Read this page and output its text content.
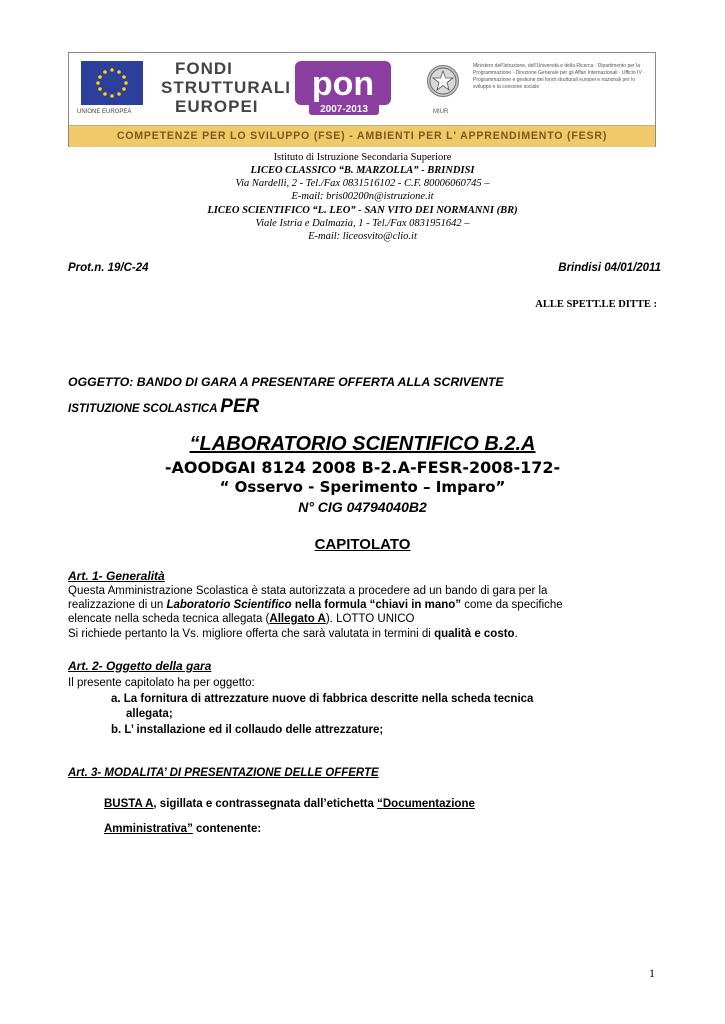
UNIONE EUROPEA
FONDI
STRUTTURALI
EUROPEI
pon
2007-2013	MIUR
Ministero dell'Istruzione, dell'Università e della Ricerca · Dipartimento per la Programmazione · Direzione Generale per gli Affari Internazionali · Ufficio IV · Programmazione e gestione dei fondi strutturali europei e nazionali per lo sviluppo e la coesione sociale
COMPETENZE PER LO SVILUPPO (FSE) - AMBIENTI PER L' APPRENDIMENTO (FESR)
Istituto di Istruzione Secondaria Superiore
LICEO CLASSICO “B. MARZOLLA” - BRINDISI
Via Nardelli, 2 - Tel./Fax 0831516102 - C.F. 80006060745 –
E-mail: bris00200n@istruzione.it
LICEO SCIENTIFICO “L. LEO” - SAN VITO DEI NORMANNI (BR)
Viale Istria e Dalmazia, 1 - Tel./Fax 0831951642 –
E-mail: liceosvito@clio.it
Prot.n. 19/C-24	Brindisi 04/01/2011
ALLE SPETT.LE DITTE :
OGGETTO: BANDO DI GARA A PRESENTARE OFFERTA ALLA SCRIVENTE
ISTITUZIONE SCOLASTICA PER
“LABORATORIO SCIENTIFICO B.2.A
-AOODGAI 8124 2008 B-2.A-FESR-2008-172-
“ Osservo - Sperimento – Imparo”
N° CIG 04794040B2
CAPITOLATO
Art. 1- Generalità
Questa Amministrazione Scolastica è stata autorizzata a procedere ad un bando di gara per la
realizzazione di un Laboratorio Scientifico nella formula “chiavi in mano” come da specifiche
elencate nella scheda tecnica allegata (Allegato A). LOTTO UNICO
Si richiede pertanto la Vs. migliore offerta che sarà valutata in termini di qualità e costo.
Art. 2- Oggetto della gara
Il presente capitolato ha per oggetto:
a. La fornitura di attrezzature nuove di fabbrica descritte nella scheda tecnica
allegata;
b. L’ installazione ed il collaudo delle attrezzature;
Art. 3- MODALITA’ DI PRESENTAZIONE DELLE OFFERTE
BUSTA A, sigillata e contrassegnata dall’etichetta “Documentazione
Amministrativa” contenente:
1
